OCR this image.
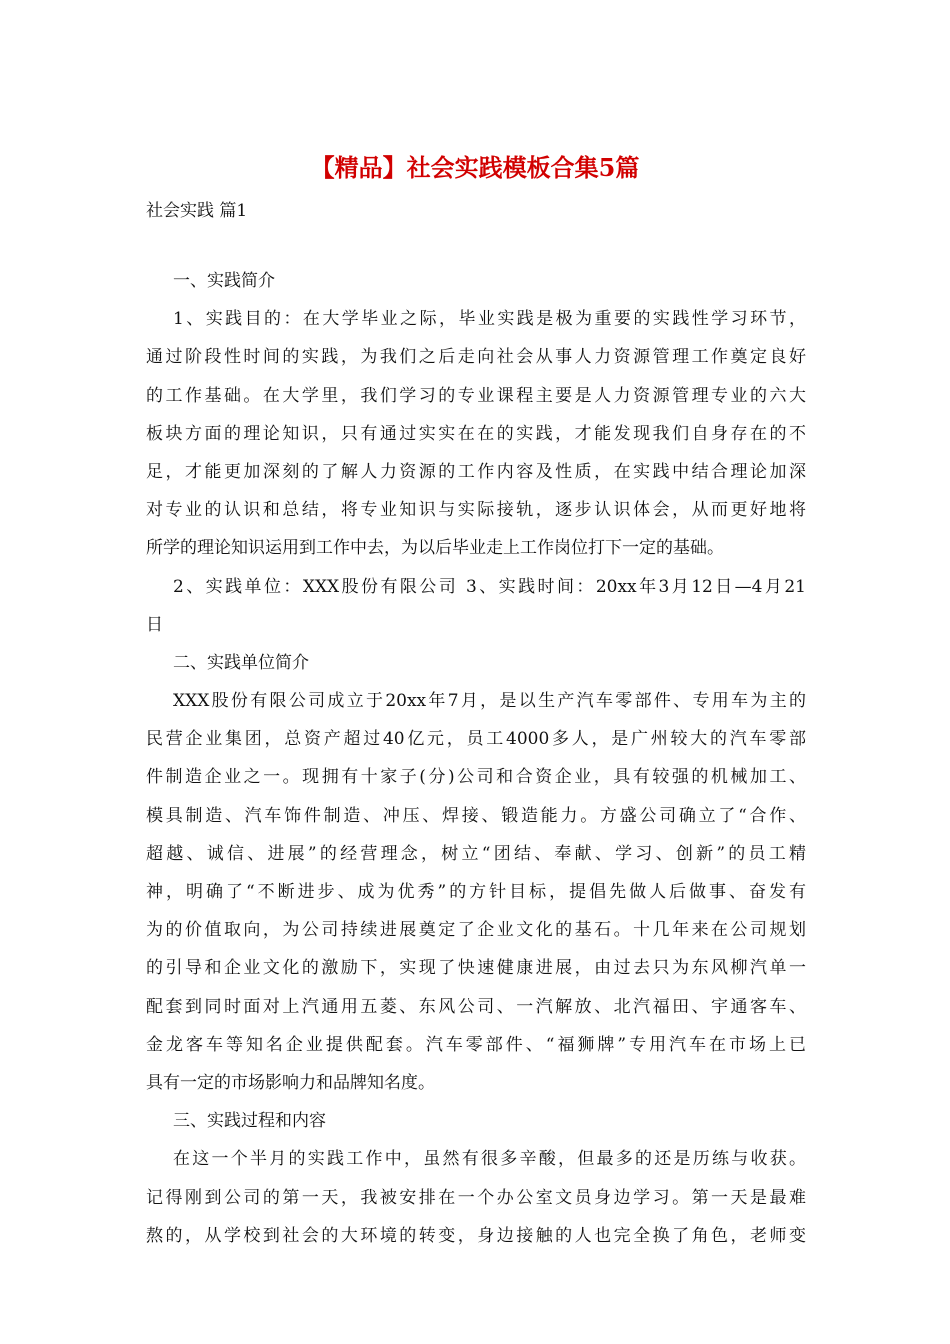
【精品】社会实践模板合集5篇

社会实践 篇1

一、实践简介
1、实践目的：在大学毕业之际，毕业实践是极为重要的实践性学习环节，
通过阶段性时间的实践，为我们之后走向社会从事人力资源管理工作奠定良好
的工作基础。在大学里，我们学习的专业课程主要是人力资源管理专业的六大
板块方面的理论知识，只有通过实实在在的实践，才能发现我们自身存在的不
足，才能更加深刻的了解人力资源的工作内容及性质，在实践中结合理论加深
对专业的认识和总结，将专业知识与实际接轨，逐步认识体会，从而更好地将
所学的理论知识运用到工作中去，为以后毕业走上工作岗位打下一定的基础。
2、实践单位：XXX股份有限公司 3、实践时间：20xx年3月12日—4月21
日
二、实践单位简介
XXX股份有限公司成立于20xx年7月，是以生产汽车零部件、专用车为主的
民营企业集团，总资产超过40亿元，员工4000多人，是广州较大的汽车零部
件制造企业之一。现拥有十家子(分)公司和合资企业，具有较强的机械加工、
模具制造、汽车饰件制造、冲压、焊接、锻造能力。方盛公司确立了“合作、
超越、诚信、进展”的经营理念，树立“团结、奉献、学习、创新”的员工精
神，明确了“不断进步、成为优秀”的方针目标，提倡先做人后做事、奋发有
为的价值取向，为公司持续进展奠定了企业文化的基石。十几年来在公司规划
的引导和企业文化的激励下，实现了快速健康进展，由过去只为东风柳汽单一
配套到同时面对上汽通用五菱、东风公司、一汽解放、北汽福田、宇通客车、
金龙客车等知名企业提供配套。汽车零部件、“福狮牌”专用汽车在市场上已
具有一定的市场影响力和品牌知名度。
三、实践过程和内容
在这一个半月的实践工作中，虽然有很多辛酸，但最多的还是历练与收获。
记得刚到公司的第一天，我被安排在一个办公室文员身边学习。第一天是最难
熬的，从学校到社会的大环境的转变，身边接触的人也完全换了角色，老师变
